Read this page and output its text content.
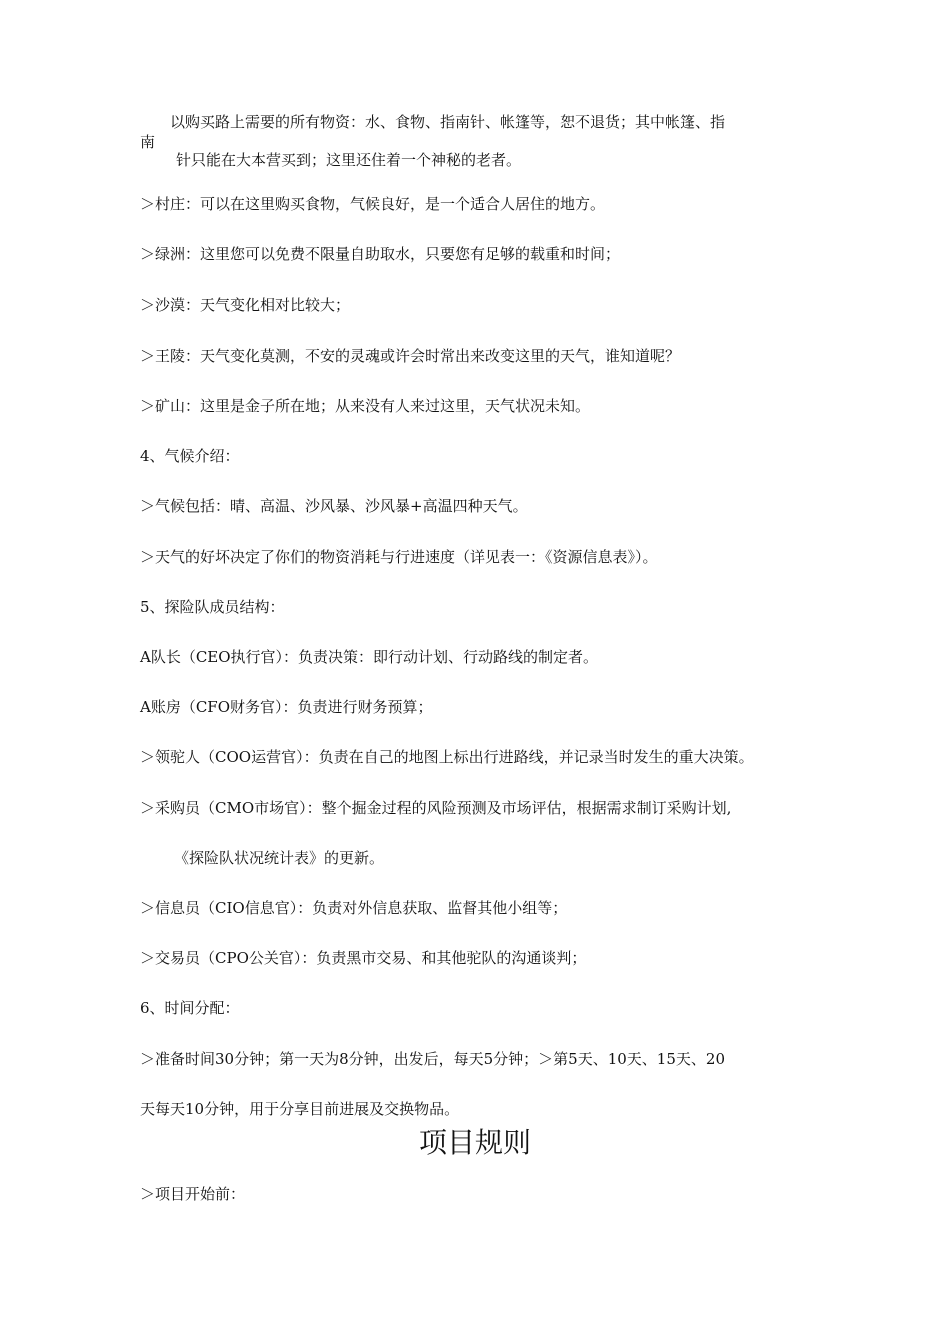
以购买路上需要的所有物资：水、食物、指南针、帐篷等，恕不退货；其中帐篷、指
南
针只能在大本营买到；这里还住着一个神秘的老者。
＞村庄：可以在这里购买食物，气候良好，是一个适合人居住的地方。
＞绿洲：这里您可以免费不限量自助取水，只要您有足够的载重和时间；
＞沙漠：天气变化相对比较大；
＞王陵：天气变化莫测，不安的灵魂或许会时常出来改变这里的天气，谁知道呢？
＞矿山：这里是金子所在地；从来没有人来过这里，天气状况未知。
4、气候介绍：
＞气候包括：晴、高温、沙风暴、沙风暴+高温四种天气。
＞天气的好坏决定了你们的物资消耗与行进速度（详见表一：《资源信息表》）。
5、探险队成员结构：
A队长（CEO执行官）：负责决策：即行动计划、行动路线的制定者。
A账房（CFO财务官）：负责进行财务预算；
＞领驼人（COO运营官）：负责在自己的地图上标出行进路线，并记录当时发生的重大决策。
＞采购员（CMO市场官）：整个掘金过程的风险预测及市场评估，根据需求制订采购计划,
《探险队状况统计表》的更新。
＞信息员（CIO信息官）：负责对外信息获取、监督其他小组等；
＞交易员（CPO公关官）：负责黑市交易、和其他驼队的沟通谈判；
6、时间分配：
＞准备时间30分钟；第一天为8分钟，出发后，每天5分钟；＞第5天、10天、15天、20
天每天10分钟，用于分享目前进展及交换物品。
项目规则
＞项目开始前：
